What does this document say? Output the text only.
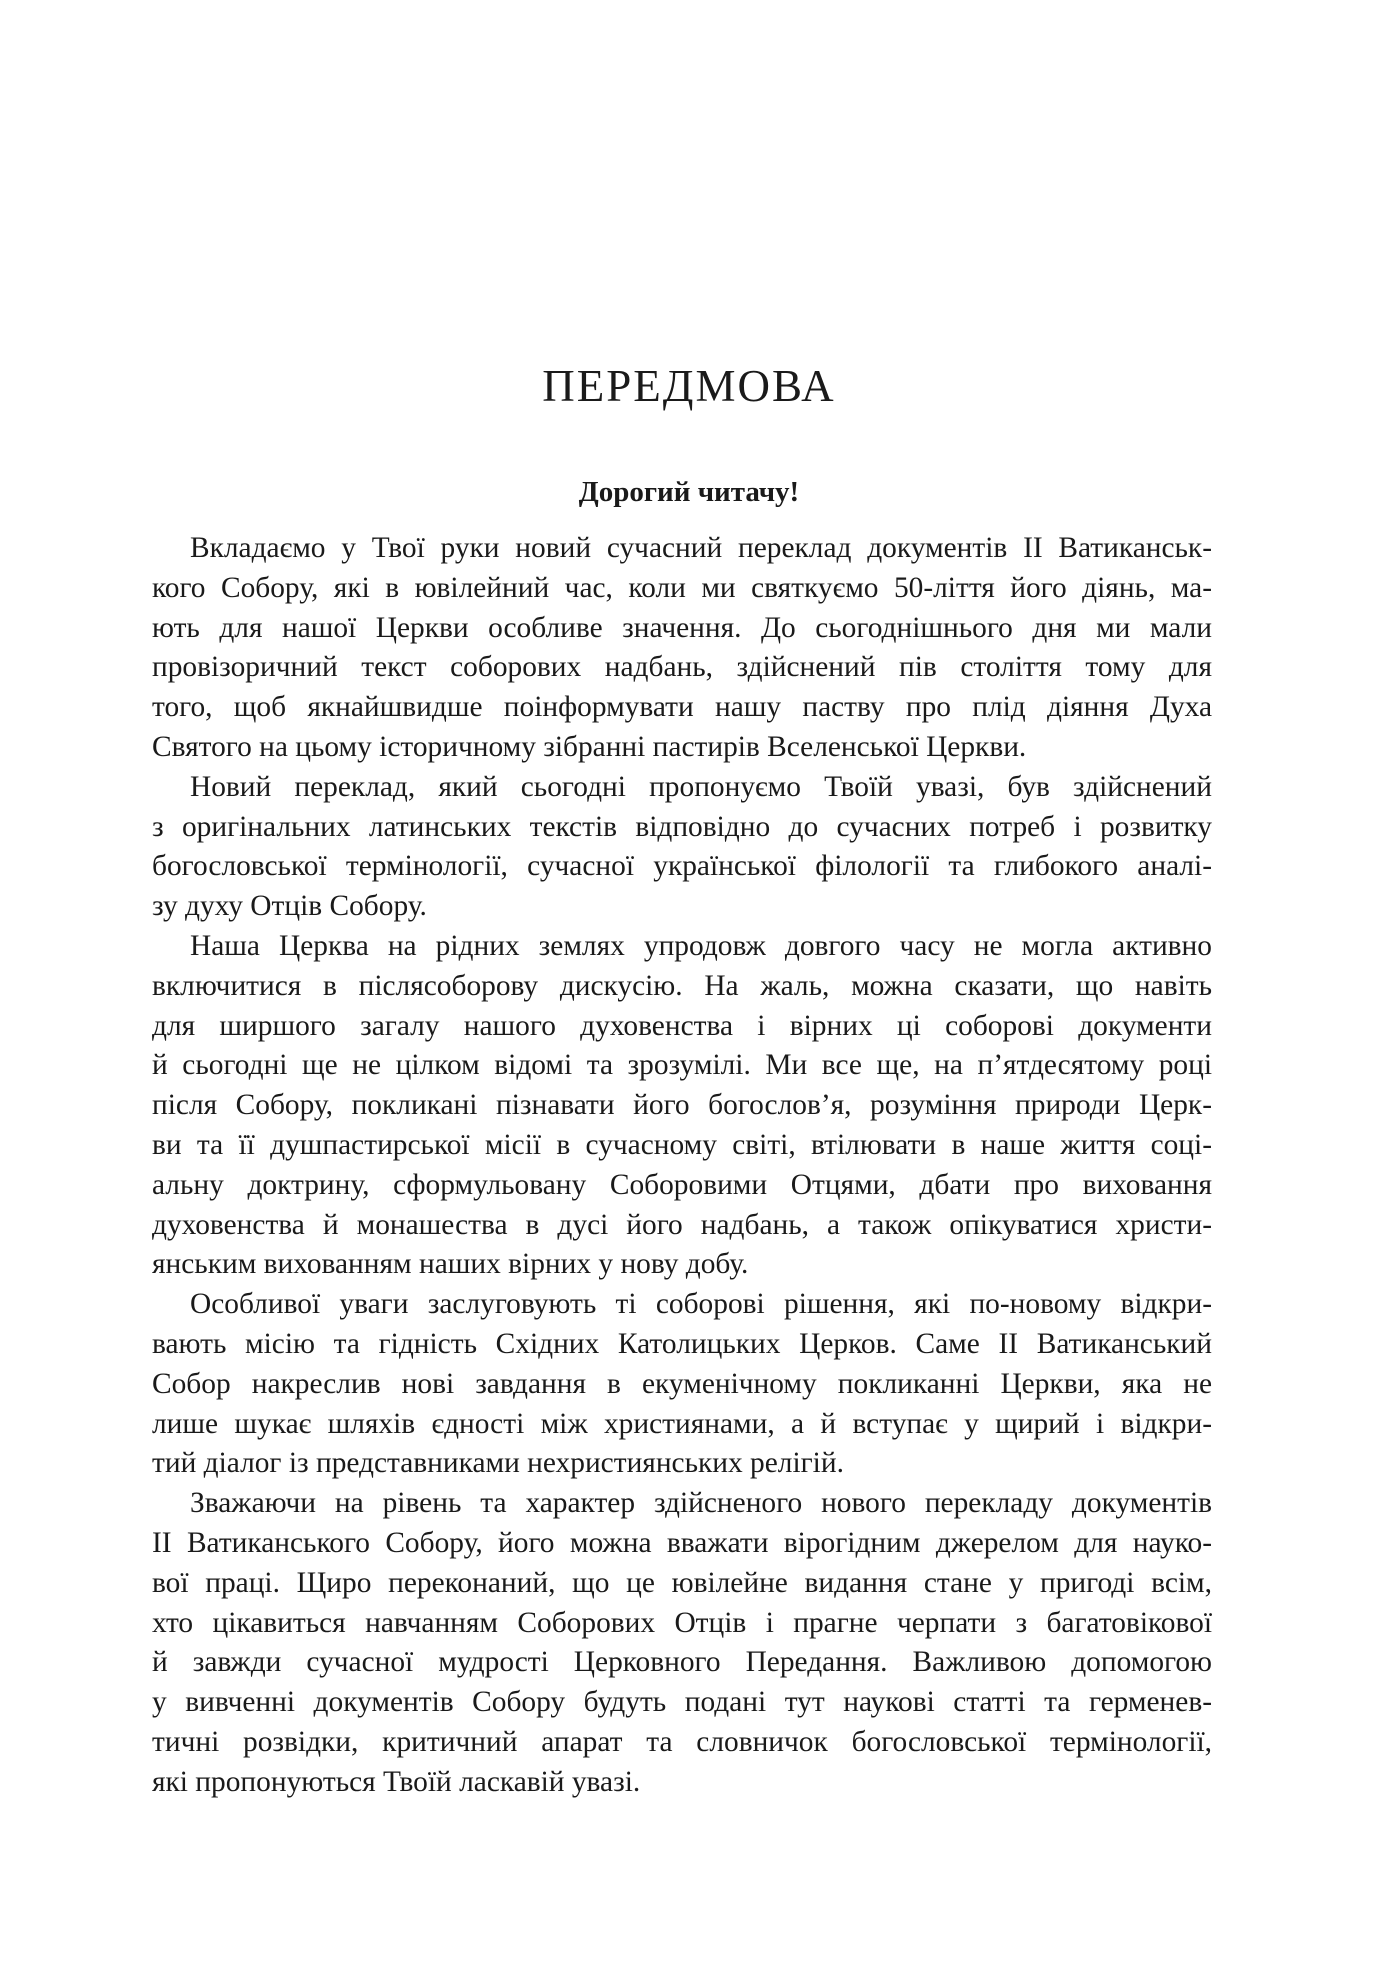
ПЕРЕДМОВА
Дорогий читачу!
Вкладаємо у Твої руки новий сучасний переклад документів II Ватиканськ-
кого Собору, які в ювілейний час, коли ми святкуємо 50-ліття його діянь, ма-
ють для нашої Церкви особливе значення. До сьогоднішнього дня ми мали
провізоричний текст соборових надбань, здійснений пів століття тому для
того, щоб якнайшвидше поінформувати нашу паству про плід діяння Духа
Святого на цьому історичному зібранні пастирів Вселенської Церкви.
Новий переклад, який сьогодні пропонуємо Твоїй увазі, був здійснений
з оригінальних латинських текстів відповідно до сучасних потреб і розвитку
богословської термінології, сучасної української філології та глибокого аналі-
зу духу Отців Собору.
Наша Церква на рідних землях упродовж довгого часу не могла активно
включитися в післясоборову дискусію. На жаль, можна сказати, що навіть
для ширшого загалу нашого духовенства і вірних ці соборові документи
й сьогодні ще не цілком відомі та зрозумілі. Ми все ще, на п’ятдесятому році
після Собору, покликані пізнавати його богослов’я, розуміння природи Церк-
ви та її душпастирської місії в сучасному світі, втілювати в наше життя соці-
альну доктрину, сформульовану Соборовими Отцями, дбати про виховання
духовенства й монашества в дусі його надбань, а також опікуватися христи-
янським вихованням наших вірних у нову добу.
Особливої уваги заслуговують ті соборові рішення, які по-новому відкри-
вають місію та гідність Східних Католицьких Церков. Саме II Ватиканський
Собор накреслив нові завдання в екуменічному покликанні Церкви, яка не
лише шукає шляхів єдності між християнами, а й вступає у щирий і відкри-
тий діалог із представниками нехристиянських релігій.
Зважаючи на рівень та характер здійсненого нового перекладу документів
II Ватиканського Собору, його можна вважати вірогідним джерелом для науко-
вої праці. Щиро переконаний, що це ювілейне видання стане у пригоді всім,
хто цікавиться навчанням Соборових Отців і прагне черпати з багатовікової
й завжди сучасної мудрості Церковного Передання. Важливою допомогою
у вивченні документів Собору будуть подані тут наукові статті та герменев-
тичні розвідки, критичний апарат та словничок богословської термінології,
які пропонуються Твоїй ласкавій увазі.
